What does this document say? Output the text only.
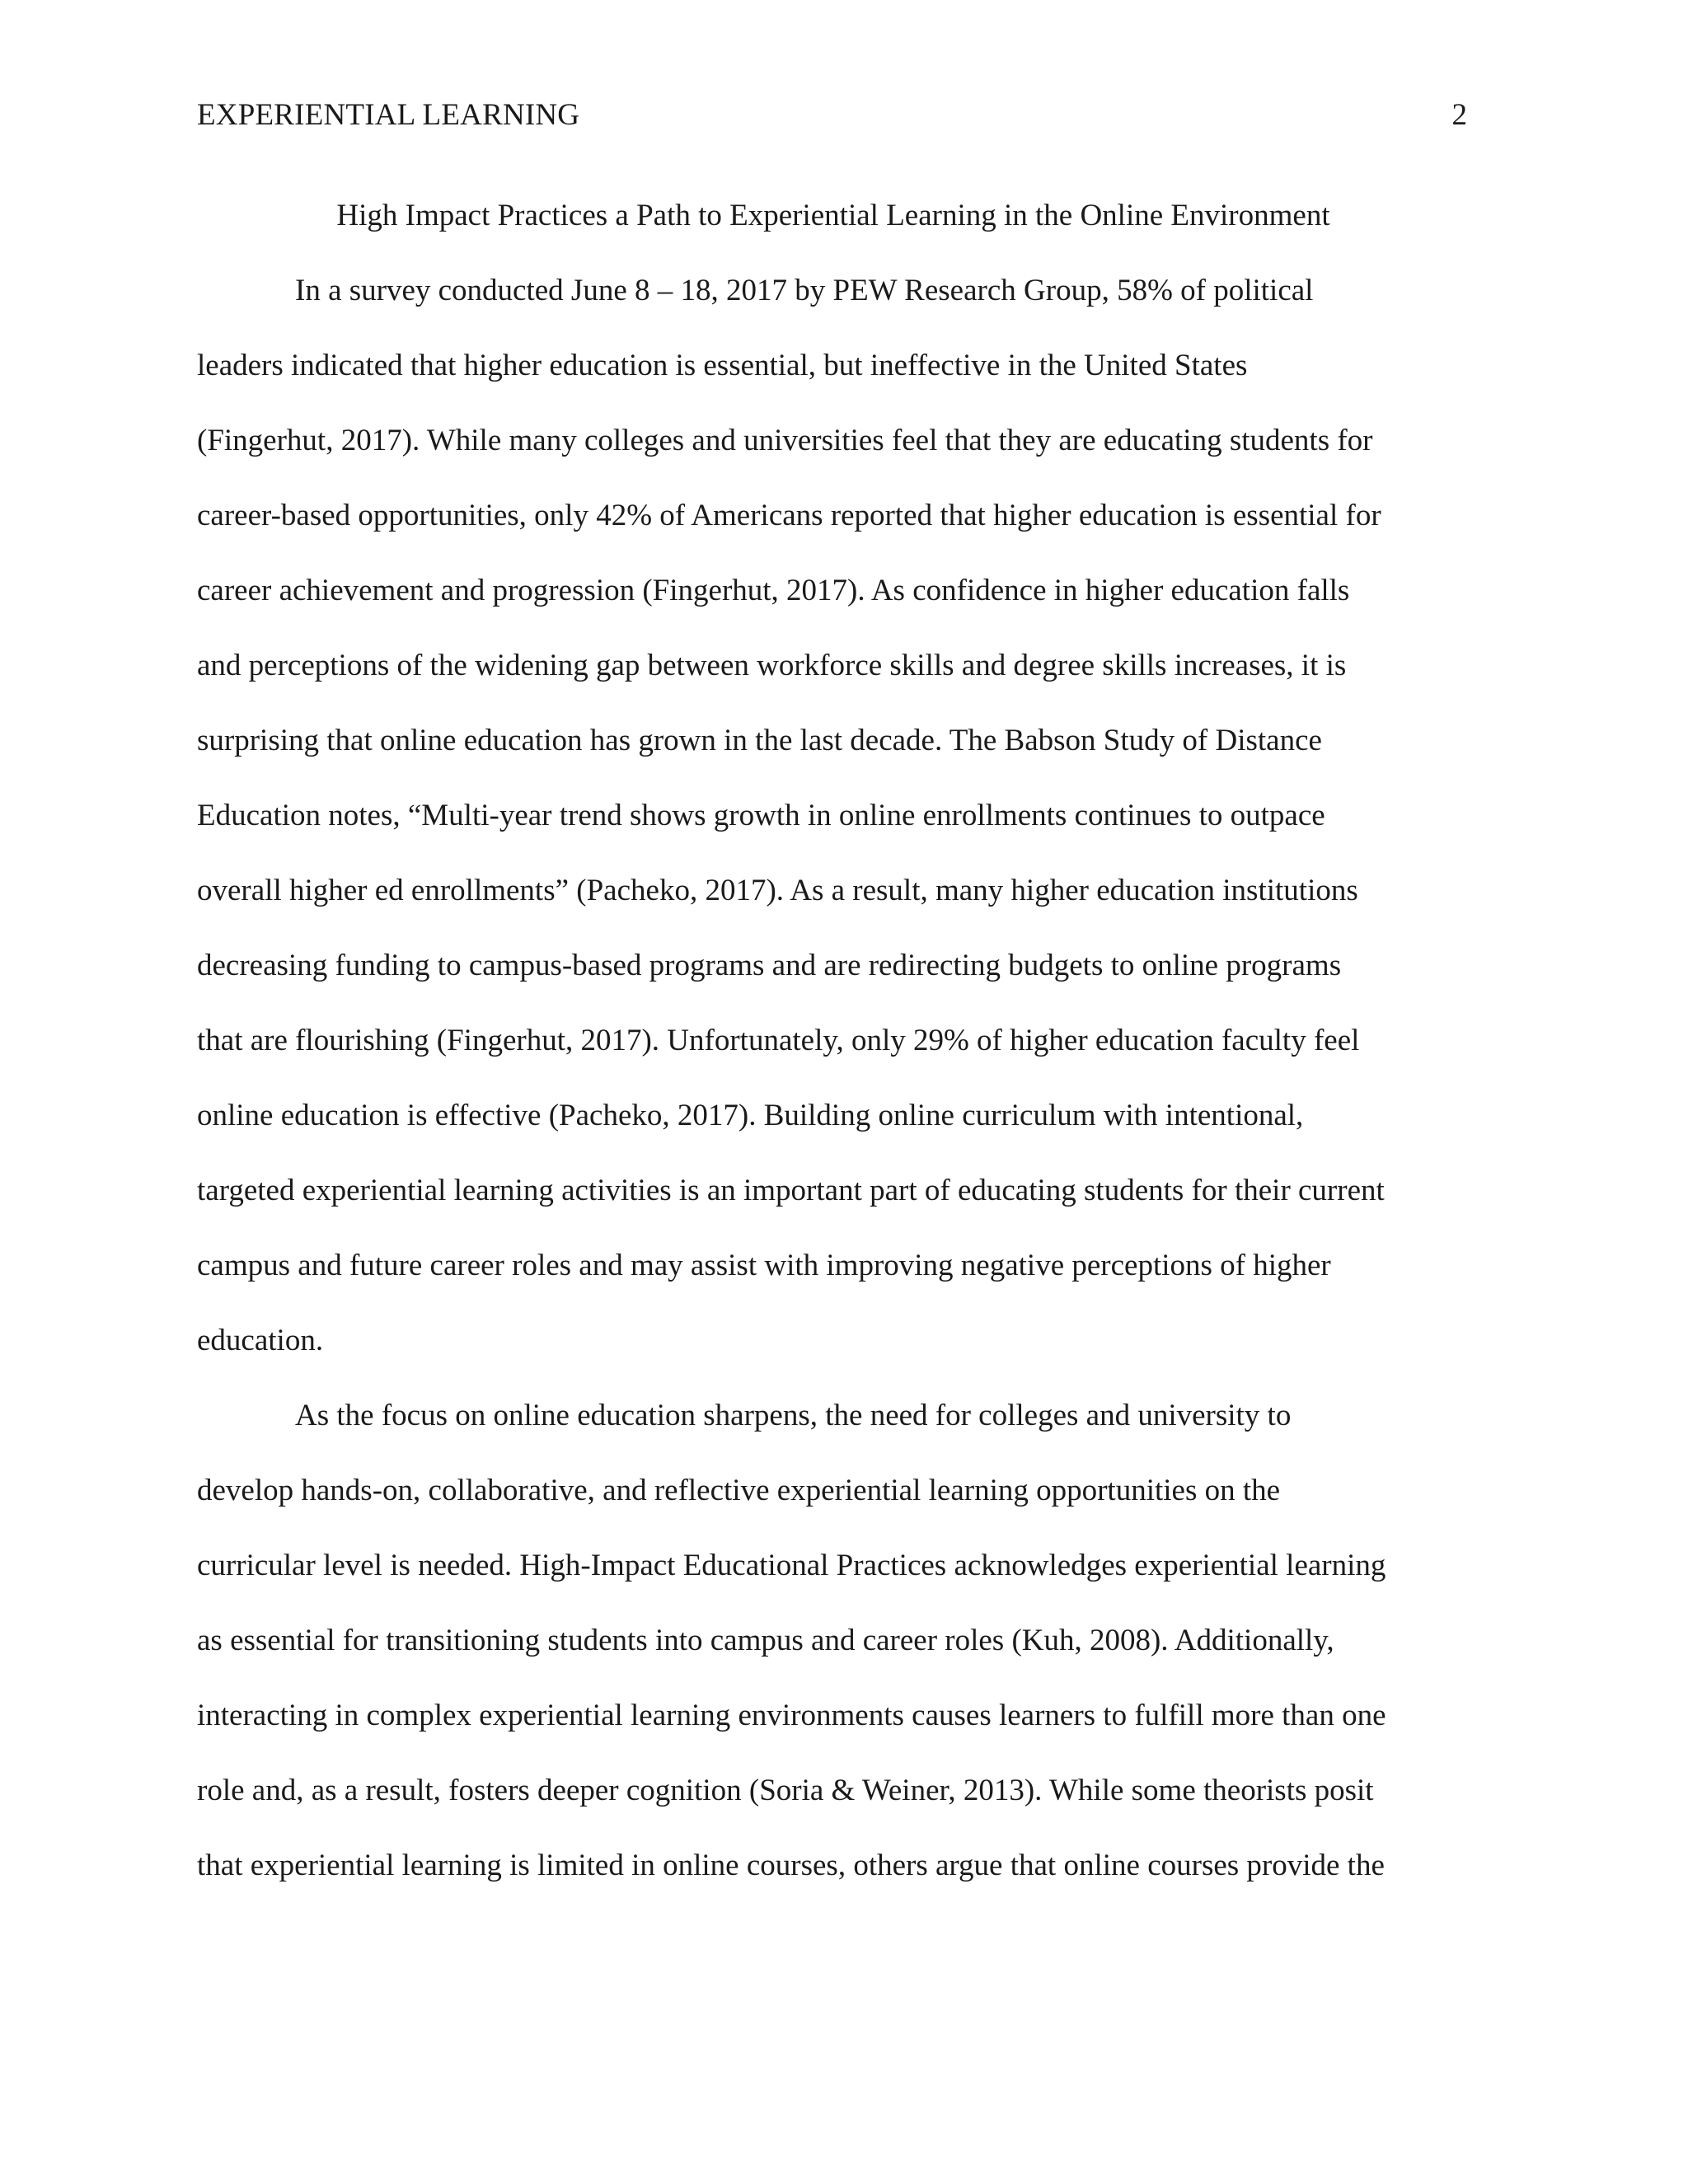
EXPERIENTIAL LEARNING	2
High Impact Practices a Path to Experiential Learning in the Online Environment
In a survey conducted June 8 – 18, 2017 by PEW Research Group, 58% of political
leaders indicated that higher education is essential, but ineffective in the United States
(Fingerhut, 2017). While many colleges and universities feel that they are educating students for
career-based opportunities, only 42% of Americans reported that higher education is essential for
career achievement and progression (Fingerhut, 2017). As confidence in higher education falls
and perceptions of the widening gap between workforce skills and degree skills increases, it is
surprising that online education has grown in the last decade. The Babson Study of Distance
Education notes, “Multi-year trend shows growth in online enrollments continues to outpace
overall higher ed enrollments” (Pacheko, 2017). As a result, many higher education institutions
decreasing funding to campus-based programs and are redirecting budgets to online programs
that are flourishing (Fingerhut, 2017). Unfortunately, only 29% of higher education faculty feel
online education is effective (Pacheko, 2017). Building online curriculum with intentional,
targeted experiential learning activities is an important part of educating students for their current
campus and future career roles and may assist with improving negative perceptions of higher
education.
As the focus on online education sharpens, the need for colleges and university to
develop hands-on, collaborative, and reflective experiential learning opportunities on the
curricular level is needed. High-Impact Educational Practices acknowledges experiential learning
as essential for transitioning students into campus and career roles (Kuh, 2008). Additionally,
interacting in complex experiential learning environments causes learners to fulfill more than one
role and, as a result, fosters deeper cognition (Soria & Weiner, 2013). While some theorists posit
that experiential learning is limited in online courses, others argue that online courses provide the
